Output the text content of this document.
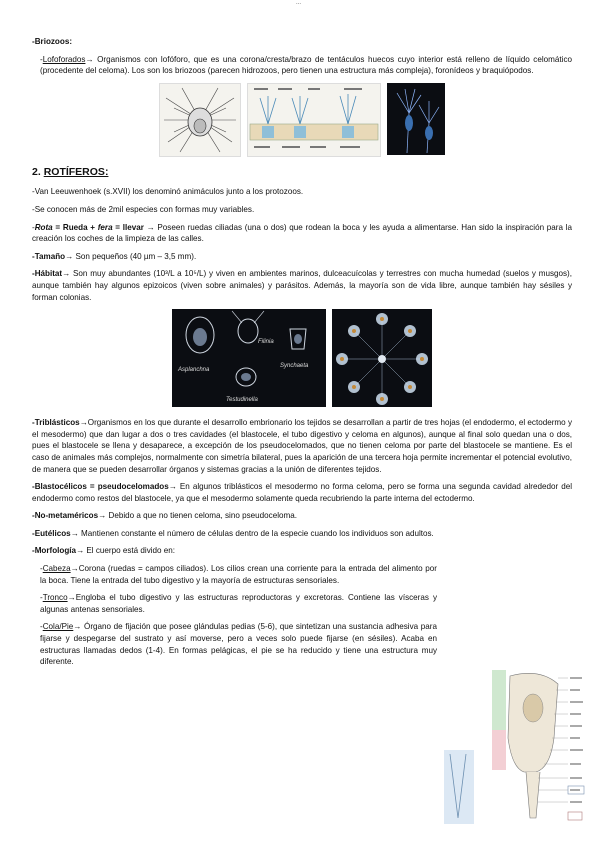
...

-Briozoos:

-Lofoforados→ Organismos con lofóforo, que es una corona/cresta/brazo de tentáculos huecos cuyo interior está relleno de líquido celomático (procedente del celoma). Los son los briozoos (parecen hidrozoos, pero tienen una estructura más compleja), foronídeos y braquiópodos.

2. ROTÍFEROS:

-Van Leeuwenhoek (s.XVII) los denominó animáculos junto a los protozoos.

-Se conocen más de 2mil especies con formas muy variables.

-Rota = Rueda + fera = llevar → Poseen ruedas ciliadas (una o dos) que rodean la boca y les ayuda a alimentarse. Han sido la inspiración para la creación los coches de la limpieza de las calles.

-Tamaño→ Son pequeños (40 µm – 3,5 mm).

-Hábitat→ Son muy abundantes (10³/L a 10⁵/L) y viven en ambientes marinos, dulceacuícolas y terrestres con mucha humedad (suelos y musgos), aunque también hay algunos epizoicos (viven sobre animales) y parásitos. Además, la mayoría son de vida libre, aunque también hay sésiles y forman colonias.

Filinia
Asplanchna
Synchaeta
Testudinella

-Triblásticos→Organismos en los que durante el desarrollo embrionario los tejidos se desarrollan a partir de tres hojas (el endodermo, el ectodermo y el mesodermo) que dan lugar a dos o tres cavidades (el blastocele, el tubo digestivo y celoma en algunos), aunque al final solo quedan una o dos, pues el blastocele se llena y desaparece, a excepción de los pseudocelomados, que no tienen celoma por parte del blastocele se mantiene. Es el caso de animales más complejos, normalmente con simetría bilateral, pues la aparición de una tercera hoja permite incrementar el potencial evolutivo, de manera que se pueden desarrollar órganos y sistemas gracias a la unión de diferentes tejidos.

-Blastocélicos = pseudocelomados→ En algunos triblásticos el mesodermo no forma celoma, pero se forma una segunda cavidad alrededor del endodermo como restos del blastocele, ya que el mesodermo solamente queda recubriendo la parte interna del ectodermo.

-No-metaméricos→ Debido a que no tienen celoma, sino pseudoceloma.

-Eutélicos→ Mantienen constante el número de células dentro de la especie cuando los individuos son adultos.

-Morfología→ El cuerpo está divido en:

-Cabeza→Corona (ruedas = campos ciliados). Los cilios crean una corriente para la entrada del alimento por la boca. Tiene la entrada del tubo digestivo y la mayoría de estructuras sensoriales.

-Tronco→Engloba el tubo digestivo y las estructuras reproductoras y excretoras. Contiene las vísceras y algunas antenas sensoriales.

-Cola/Pie→ Órgano de fijación que posee glándulas pedias (5-6), que sintetizan una sustancia adhesiva para fijarse y despegarse del sustrato y así moverse, pero a veces solo puede fijarse (en sésiles). Acaba en estructuras llamadas dedos (1-4). En formas pelágicas, el pie se ha reducido y tiene una estructura muy diferente.
